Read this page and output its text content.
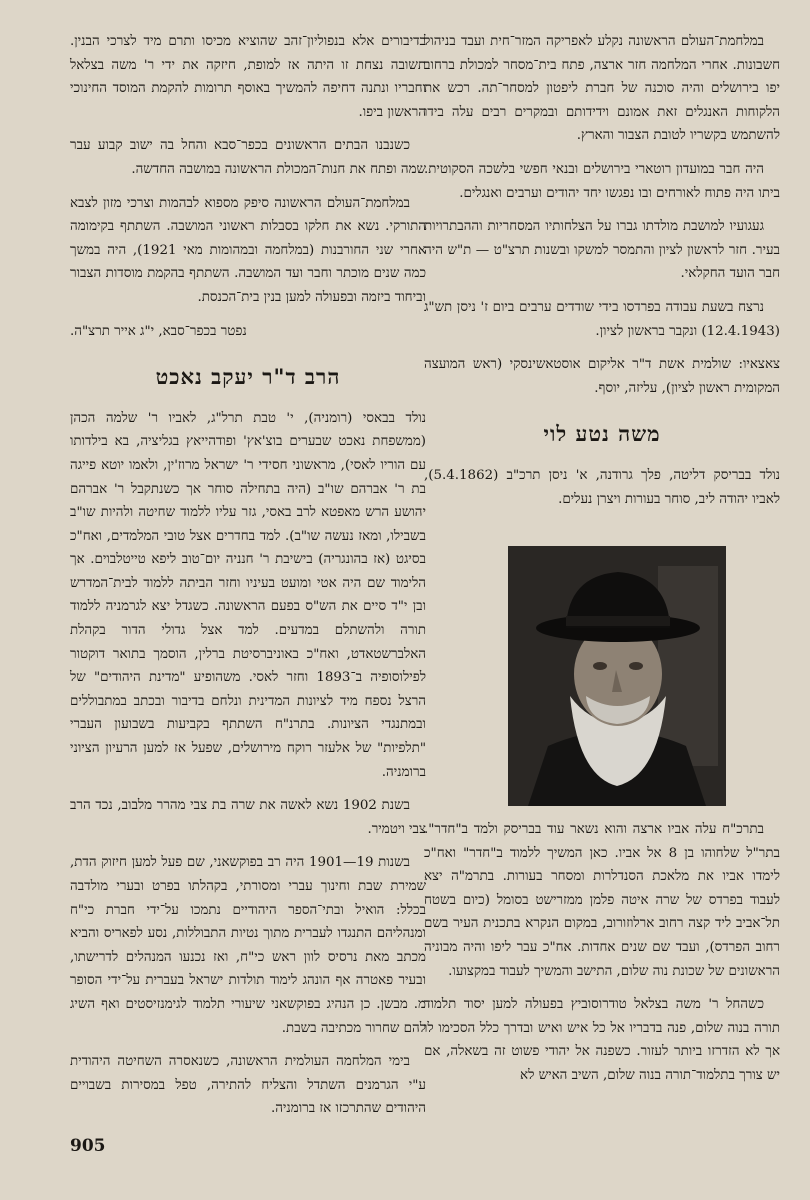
במלחמת־העולם הראשונה נקלע לאפריקה המזר־חית ועבד בניהול חשבונות. אחרי המלחמה חזר ארצה, פתח בית־מסחר למכולת ברחוב יפו בירושלים והיה סוכנה של חברת ליפטון למסחר־תה. רכש את הלקוחות האנגלים זאת אמונם וידידותם ובמקרים רבים עלה בידו להשתמש בקשריו לטובת הצבור והארץ.

היה חבר במועדון רוטארי בירושלים ובנאי חפשי בלשכה הסקוטית. ביתו היה פתוח לאורחים ובו נפגשו יחד יהודים וערבים ואנגלים.

געגועיו למושבת מולדתו גברו על הצלחותיו המסחריות וההבתרויות בעיר. חזר לראשון לציון והתמסר למשקו ובשנות תרצ"ט — ת"ש היה חבר הועד החקלאי.

נרצח בשעת עבודה בפרדסו בידי שודדים ערבים ביום ז' ניסן תש"ג (12.4.1943) ונקבר בראשון לציון.

צאצאיו: שולמית אשת ד"ר אליקום אוסטאשינסקי (ראש המועצה המקומית ראשון לציון), עליזה, יוסף.

משה נטע לוי

נולד בבריסק דליטה, פלך גרודנה, א' ניסן תרכ"ב (5.4.1862), לאביו יהודה ליב, סוחר בעורות ויצרן נעלים.

בתרכ"ח עלה אביו ארצה והוא נשאר עוד בבריסק ולמד ב"חדר". בתר"ל שלחוהו בן 8 אל אביו. כאן המשיך ללמוד ב"חדר" ואח"כ לימדו אביו את מלאכת הסנדלרות ומסחר בעורות. בתרמ"ה יצא לעבוד בפרדס של שרה איטה פלמן ממזרישט בסומל (כיום בשטח תל־אביב ליד קצה רחוב ארלוזורוב, במקום הנקרא בתכנית העיר בשם רחוב הפרדס), ועבד שם שנים אחדות. אח"כ עבר ליפו והיה מבוניה הראשונים של שכונת נוה שלום, התישב והמשיך לעבוד במקצועו.

כשהחל ר' משה בצלאל טודרוסוביץ בפעולה למען יסוד תלמוד תורה בנוה שלום, פנה בדבריו אל כל איש ואיש ובדרך כלל הסכימו לו אך לא הזדרזו ביותר לעזור. כשפנה אל יהודי פשוט זה בשאלה, אם יש צורך בתלמוד־תורה בנוה שלום, השיב האיש לא

בדיבורים אלא בנפוליון־זהב שהוציא מכיסו ותרם מיד לצרכי הבנין. תשובה נצחת זו היתה אז למופת, חיזקה את ידי ר' משה בצלאל וחבריו ונתנה דחיפה להמשיך באוסף תרומות להקמת המוסד החינוכי הראשון ביפו.

כשנבנו הבתים הראשונים בכפר־סבא והחל בה ישוב קבוע עבר שמה ופתח את חנות־המכולת הראשונה במושבה החדשה.

במלחמת־העולם הראשונה סיפק מספוא לבהמות וצרכי מזון לצבא התורקי. נשא את חלקו בסבלות ראשוני המושבה. השתתף בקימומה אחרי שני החורבנות (במלחמה ובמהומות מאי 1921), היה במשך כמה שנים מוכתר וחבר ועד המושבה. השתתף בהקמת מוסדות הצבור וביחוד ביזמה ובפעולה למען בנין בית־הכנסת.

נפטר בכפר־סבא, י"ג אייר תרצ"ה.

הרב ד"ר יעקב נאכט

נולד בבאסי (רומניה), י' טבת תרל"ג, לאביו ר' שלמה הכהן (ממשפחת נאכט שבערים בוצ'אץ' ופודהייאץ בגליציה, בא בילדותו עם הוריו לאסי), מראשוני חסידי ר' ישראל מרוז'ין, ולאמו יוטא פייגה בת ר' אברהם שו"ב (היה בתחילה סוחר אך כשנתקבל ר' אברהם יהושע הרש מאפטא לרב באסי, גזר עליו ללמוד שחיטה ולהיות שו"ב בשבילו, ומאז נעשה שו"ב). למד בחדרים אצל טובי המלמדים, ואח"כ בסיגט (אז בהונגריה) בישיבת ר' חנניה יום־טוב ליפא טייטלבוים. אך הלימוד שם היה אטי ומועט בעיניו וחזר הביתה ללמוד לבית־המדרש ובן י"ד סיים את הש"ס בפעם הראשונה. כשגדל יצא לגרמניה ללמוד תורה ולהשתלם במדעים. למד אצל גדולי הדור בקהלת האלברשטאדט, ואח"כ באוניברסיטת ברלין, הוסמך בתואר דוקטור לפילוסופיה ב־1893 וחזר לאסי. משהופיע "מדינת היהודים" של הרצל נספח מיד לציונות המדינית ונלחם בדיבור ובכתב במתבוללים ובמתנגדי הציונות. בתרנ"ח השתתף בקביעות בשבועון העברי "תלפיות" של אלעזר רוקח מירושלים, שפעל אז למען הרעיון הציוני ברומניה.

בשנת 1902 נשא לאשה את שרה בת צבי מהרר מלבוב, נכד הרב צבי ויטמיר.

בשנות 19—1901 היה רב בפוקשאני, שם פעל למען חיזוק הדת, שמירת שבת וחינוך עברי ומסורתי, בקהלתו בפרט ובערי מולדבה בכלל: הואיל ובתי־הספר היהודיים נתמכו על־ידי חברת כי"ח ומנהליהם התנגדו לעברית מתוך נטיות התבוללות, נסע לפאריס והביא מכתב מאת נרסיס לוון ראש כי"ח, ואז נכנעו המנהלים לדרישתו, ובעיר פאטרה אף הונהג לימוד תולדות ישראל בעברית על־ידי הסופר מ. מבשן. כן הנהיג בפוקשאני שיעורי תלמוד לגימנזיסטים ואף השיג להם שחרור מכתיבה בשבת.

בימי המלחמה העולמית הראשונה, כשנאסרה השחיטה היהודית ע"י הגרמנים השתדל והצליח להתירה, טפל במסירות בשבויים היהודים שהתרכזו אז ברומניה.

905
